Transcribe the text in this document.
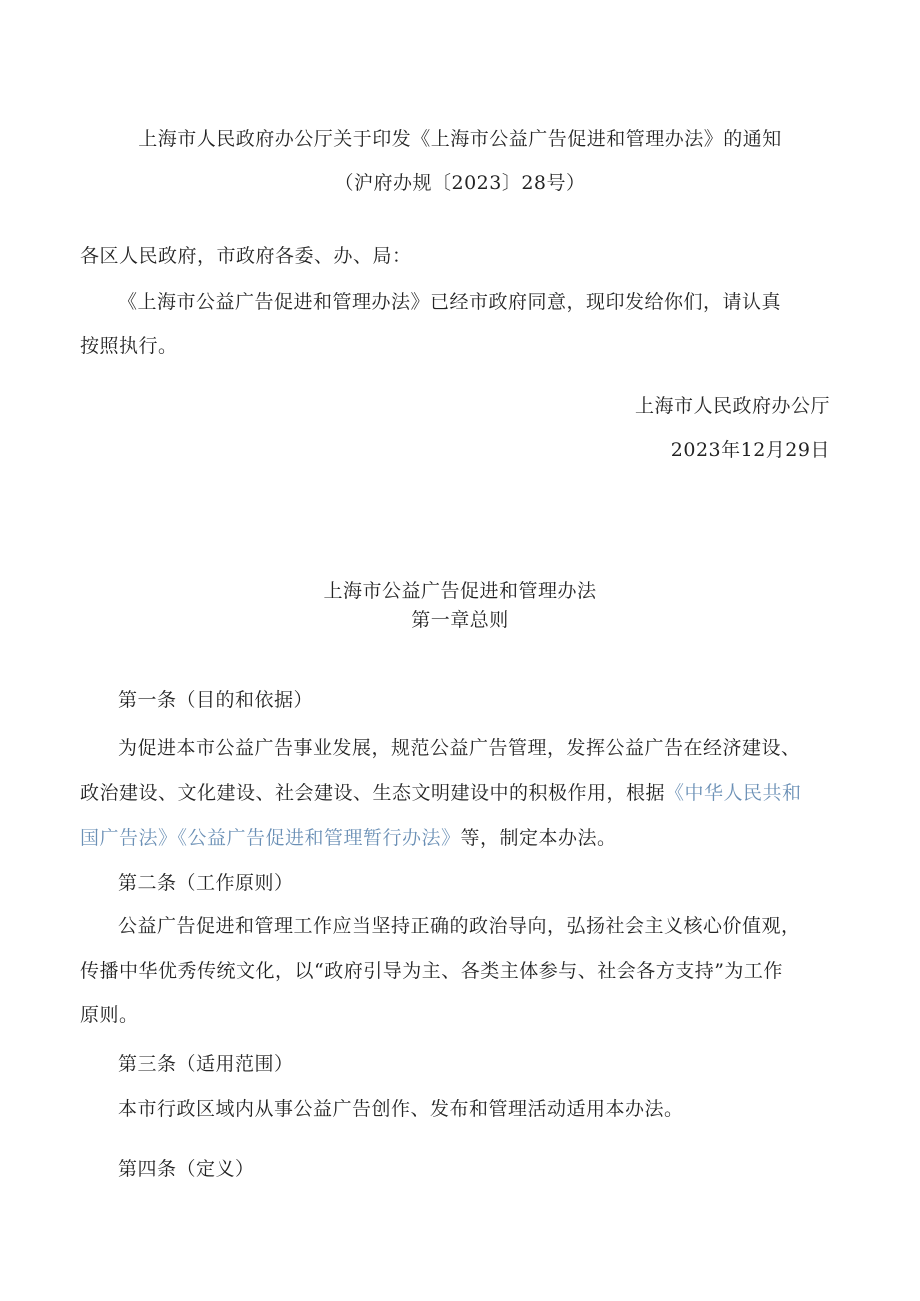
上海市人民政府办公厅关于印发《上海市公益广告促进和管理办法》的通知
（沪府办规〔2023〕28号）
各区人民政府，市政府各委、办、局：
《上海市公益广告促进和管理办法》已经市政府同意，现印发给你们，请认真
按照执行。
上海市人民政府办公厅
2023年12月29日
上海市公益广告促进和管理办法
第一章总则
第一条（目的和依据）
为促进本市公益广告事业发展，规范公益广告管理，发挥公益广告在经济建设、
政治建设、文化建设、社会建设、生态文明建设中的积极作用，根据《中华人民共和
国广告法》《公益广告促进和管理暂行办法》等，制定本办法。
第二条（工作原则）
公益广告促进和管理工作应当坚持正确的政治导向，弘扬社会主义核心价值观，
传播中华优秀传统文化，以“政府引导为主、各类主体参与、社会各方支持”为工作
原则。
第三条（适用范围）
本市行政区域内从事公益广告创作、发布和管理活动适用本办法。
第四条（定义）
